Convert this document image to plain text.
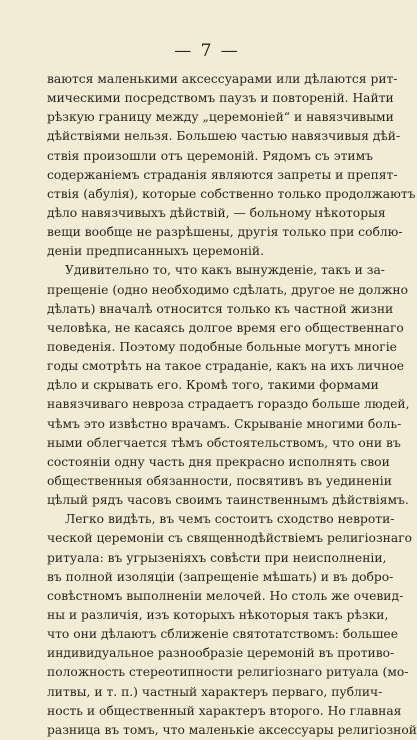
— 7 —
ваются маленькими аксессуарами или дѣлаются рит-
мическими посредствомъ паузъ и повтореній. Найти
рѣзкую границу между „церемоніей“ и навязчивыми
дѣйствіями нельзя. Большею частью навязчивыя дѣй-
ствія произошли отъ церемоній. Рядомъ съ этимъ
содержаніемъ страданія являются запреты и препят-
ствія (абулія), которые собственно только продолжаютъ
дѣло навязчивыхъ дѣйствій, — больному нѣкоторыя
вещи вообще не разрѣшены, другія только при соблю-
деніи предписанныхъ церемоній.
Удивительно то, что какъ вынужденіе, такъ и за-
прещеніе (одно необходимо сдѣлать, другое не должно
дѣлать) вначалѣ относится только къ частной жизни
человѣка, не касаясь долгое время его общественнаго
поведенія. Поэтому подобные больные могутъ многіе
годы смотрѣть на такое страданіе, какъ на ихъ личное
дѣло и скрывать его. Кромѣ того, такими формами
навязчиваго невроза страдаетъ гораздо больше людей,
чѣмъ это извѣстно врачамъ. Скрываніе многими боль-
ными облегчается тѣмъ обстоятельствомъ, что они въ
состояніи одну часть дня прекрасно исполнять свои
общественныя обязанности, посвятивъ въ уединеніи
цѣлый рядъ часовъ своимъ таинственнымъ дѣйствіямъ.
Легко видѣть, въ чемъ состоитъ сходство невроти-
ческой церемоніи съ священнодѣйствіемъ религіознаго
ритуала: въ угрызеніяхъ совѣсти при неисполненіи,
въ полной изоляціи (запрещеніе мѣшать) и въ добро-
совѣстномъ выполненіи мелочей. Но столь же очевид-
ны и различія, изъ которыхъ нѣкоторыя такъ рѣзки,
что они дѣлаютъ сближеніе святотатствомъ: большее
индивидуальное разнообразіе церемоній въ противо-
положность стереотипности религіознаго ритуала (мо-
литвы, и т. п.) частный характеръ перваго, публич-
ность и общественный характеръ второго. Но главная
разница въ томъ, что маленькіе аксессуары религіозной
